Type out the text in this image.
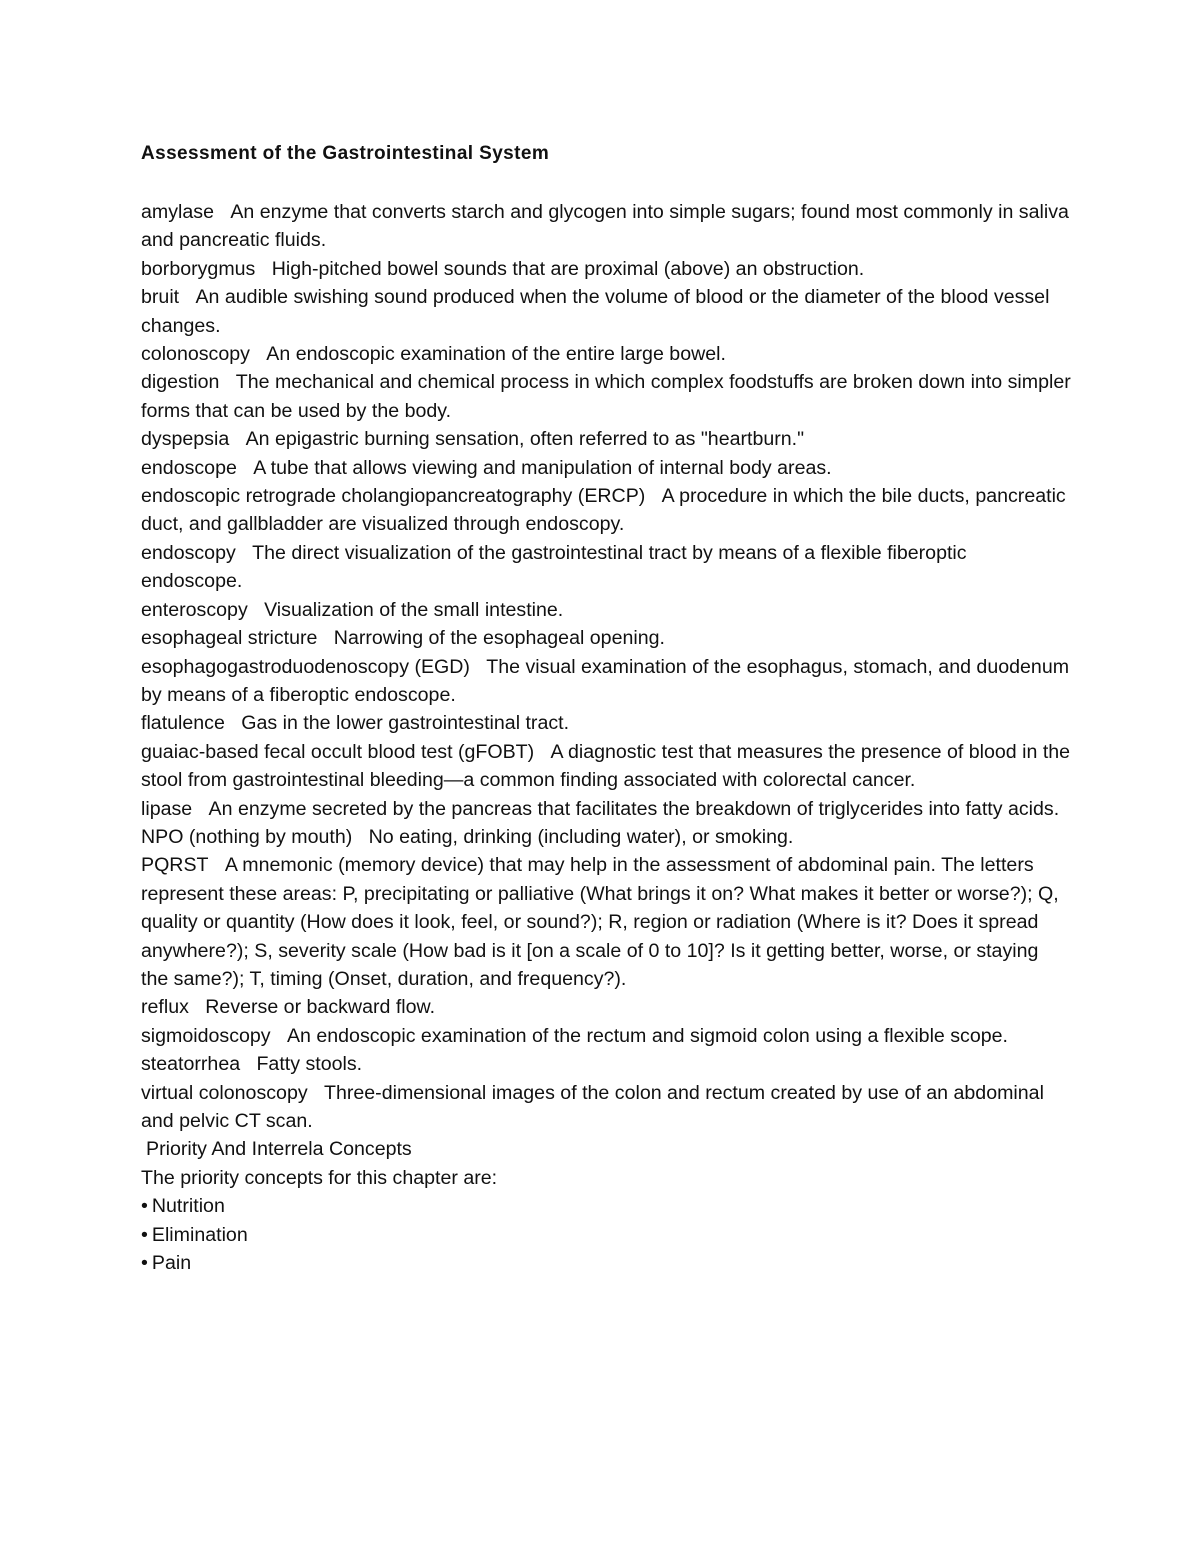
Assessment of the Gastrointestinal System
amylase An enzyme that converts starch and glycogen into simple sugars; found most commonly in saliva and pancreatic fluids.
borborygmus High-pitched bowel sounds that are proximal (above) an obstruction.
bruit An audible swishing sound produced when the volume of blood or the diameter of the blood vessel changes.
colonoscopy An endoscopic examination of the entire large bowel.
digestion The mechanical and chemical process in which complex foodstuffs are broken down into simpler forms that can be used by the body.
dyspepsia An epigastric burning sensation, often referred to as "heartburn."
endoscope A tube that allows viewing and manipulation of internal body areas.
endoscopic retrograde cholangiopancreatography (ERCP) A procedure in which the bile ducts, pancreatic duct, and gallbladder are visualized through endoscopy.
endoscopy The direct visualization of the gastrointestinal tract by means of a flexible fiberoptic endoscope.
enteroscopy Visualization of the small intestine.
esophageal stricture Narrowing of the esophageal opening.
esophagogastroduodenoscopy (EGD) The visual examination of the esophagus, stomach, and duodenum by means of a fiberoptic endoscope.
flatulence Gas in the lower gastrointestinal tract.
guaiac-based fecal occult blood test (gFOBT) A diagnostic test that measures the presence of blood in the stool from gastrointestinal bleeding—a common finding associated with colorectal cancer.
lipase An enzyme secreted by the pancreas that facilitates the breakdown of triglycerides into fatty acids.
NPO (nothing by mouth) No eating, drinking (including water), or smoking.
PQRST A mnemonic (memory device) that may help in the assessment of abdominal pain. The letters represent these areas: P, precipitating or palliative (What brings it on? What makes it better or worse?); Q, quality or quantity (How does it look, feel, or sound?); R, region or radiation (Where is it? Does it spread anywhere?); S, severity scale (How bad is it [on a scale of 0 to 10]? Is it getting better, worse, or staying the same?); T, timing (Onset, duration, and frequency?).
reflux Reverse or backward flow.
sigmoidoscopy An endoscopic examination of the rectum and sigmoid colon using a flexible scope.
steatorrhea Fatty stools.
virtual colonoscopy Three-dimensional images of the colon and rectum created by use of an abdominal and pelvic CT scan.
Priority And Interrela Concepts
The priority concepts for this chapter are:
• Nutrition
• Elimination
• Pain
